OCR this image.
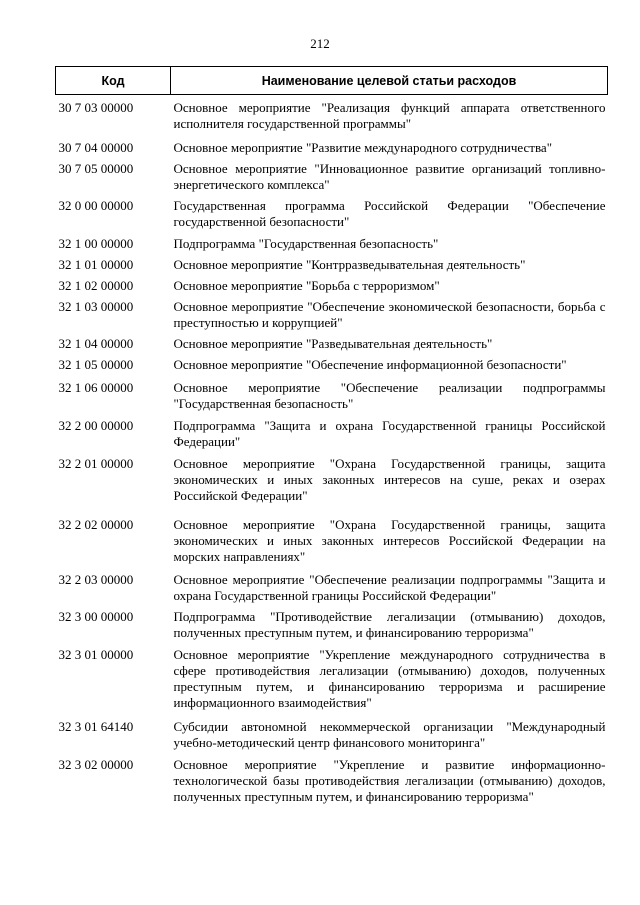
212
Код	Наименование целевой статьи расходов
30 7 03 00000	Основное мероприятие "Реализация функций аппарата ответственного исполнителя государственной программы"
30 7 04 00000	Основное мероприятие "Развитие международного сотрудничества"
30 7 05 00000	Основное мероприятие "Инновационное развитие организаций топливно-энергетического комплекса"
32 0 00 00000	Государственная программа Российской Федерации "Обеспечение государственной безопасности"
32 1 00 00000	Подпрограмма "Государственная безопасность"
32 1 01 00000	Основное мероприятие "Контрразведывательная деятельность"
32 1 02 00000	Основное мероприятие "Борьба с терроризмом"
32 1 03 00000	Основное мероприятие "Обеспечение экономической безопасности, борьба с преступностью и коррупцией"
32 1 04 00000	Основное мероприятие "Разведывательная деятельность"
32 1 05 00000	Основное мероприятие "Обеспечение информационной безопасности"
32 1 06 00000	Основное мероприятие "Обеспечение реализации подпрограммы "Государственная безопасность"
32 2 00 00000	Подпрограмма "Защита и охрана Государственной границы Российской Федерации"
32 2 01 00000	Основное мероприятие "Охрана Государственной границы, защита экономических и иных законных интересов на суше, реках и озерах Российской Федерации"
32 2 02 00000	Основное мероприятие "Охрана Государственной границы, защита экономических и иных законных интересов Российской Федерации на морских направлениях"
32 2 03 00000	Основное мероприятие "Обеспечение реализации подпрограммы "Защита и охрана Государственной границы Российской Федерации"
32 3 00 00000	Подпрограмма "Противодействие легализации (отмыванию) доходов, полученных преступным путем, и финансированию терроризма"
32 3 01 00000	Основное мероприятие "Укрепление международного сотрудничества в сфере противодействия легализации (отмыванию) доходов, полученных преступным путем, и финансированию терроризма и расширение информационного взаимодействия"
32 3 01 64140	Субсидии автономной некоммерческой организации "Международный учебно-методический центр финансового мониторинга"
32 3 02 00000	Основное мероприятие "Укрепление и развитие информационно-технологической базы противодействия легализации (отмыванию) доходов, полученных преступным путем, и финансированию терроризма"
